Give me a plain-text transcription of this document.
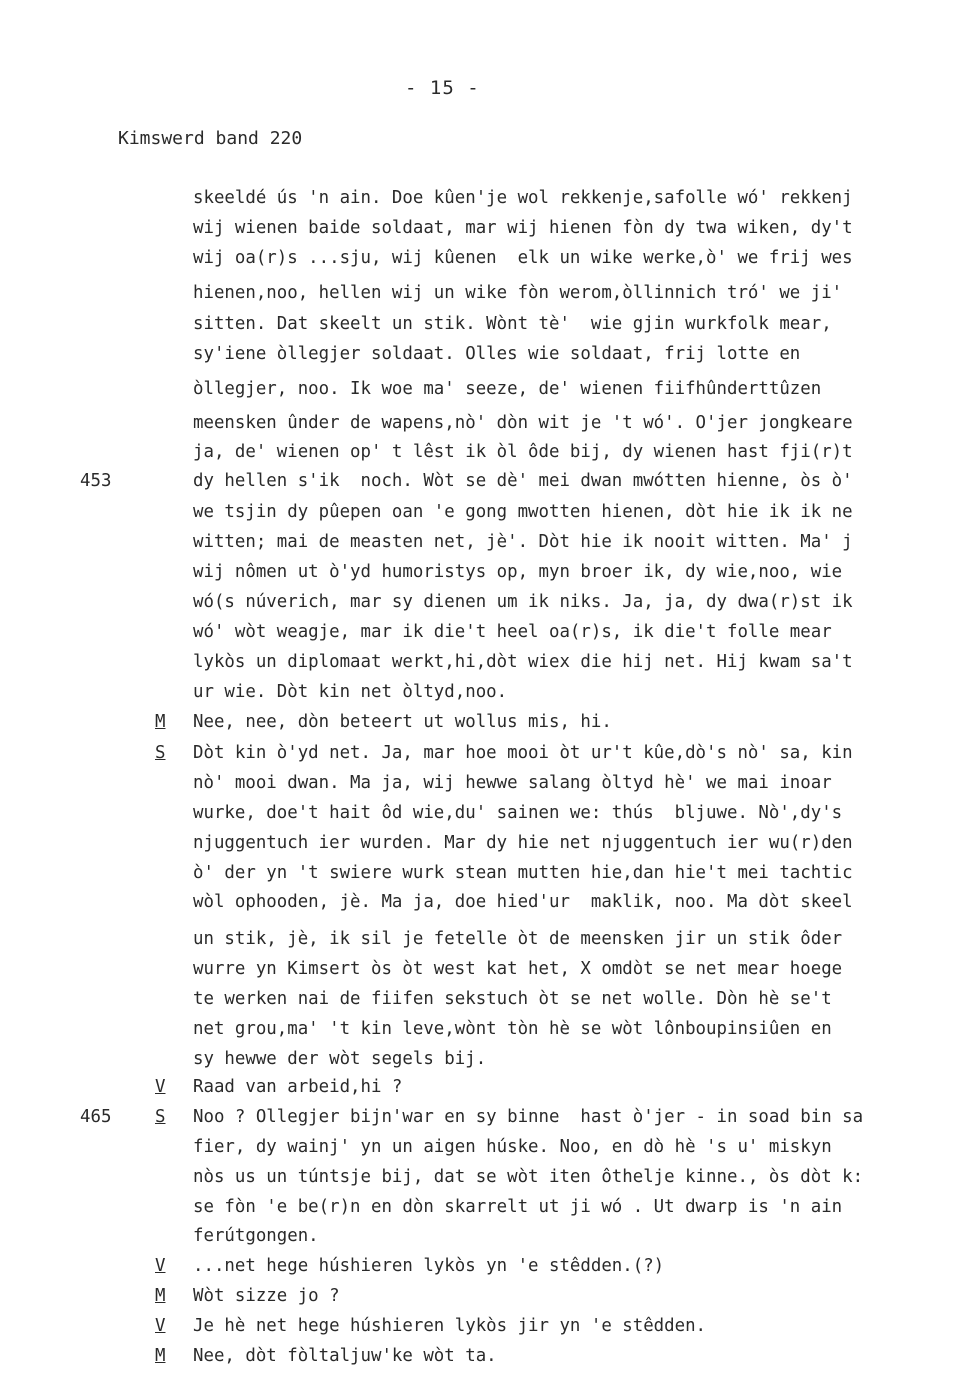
- 15 -
Kimswerd band 220
skeeldé ús 'n ain. Doe kûen'je wol rekkenje,safolle wó' rekkenj
wij wienen baide soldaat, mar wij hienen fòn dy twa wiken, dy't
wij oa(r)s ...sju, wij kûenen  elk un wike werke,ò' we frij wes
hienen,noo, hellen wij un wike fòn werom,òllinnich tró' we ji'
sitten. Dat skeelt un stik. Wònt tè'  wie gjin wurkfolk mear,
sy'iene òllegjer soldaat. Olles wie soldaat, frij lotte en
òllegjer, noo. Ik woe ma' seeze, de' wienen fiifhûnderttûzen
meensken ûnder de wapens,nò' dòn wit je 't wó'. O'jer jongkeare
ja, de' wienen op' t lêst ik òl ôde bij, dy wienen hast fji(r)t
453	dy hellen s'ik  noch. Wòt se dè' mei dwan mwótten hienne, òs ò'
we tsjin dy pûepen oan 'e gong mwotten hienen, dòt hie ik ik ne
witten; mai de measten net, jè'. Dòt hie ik nooit witten. Ma' j
wij nômen ut ò'yd humoristys op, myn broer ik, dy wie,noo, wie
wó(s núverich, mar sy dienen um ik niks. Ja, ja, dy dwa(r)st ik
wó' wòt weagje, mar ik die't heel oa(r)s, ik die't folle mear
lykòs un diplomaat werkt,hi,dòt wiex die hij net. Hij kwam sa't
ur wie. Dòt kin net òltyd,noo.
M Nee, nee, dòn beteert ut wollus mis, hi.
S Dòt kin ò'yd net. Ja, mar hoe mooi òt ur't kûe,dò's nò' sa, kin
nò' mooi dwan. Ma ja, wij hewwe salang òltyd hè' we mai inoar
wurke, doe't hait ôd wie,du' sainen we: thús  bljuwe. Nò',dy's
njuggentuch ier wurden. Mar dy hie net njuggentuch ier wu(r)den
ò' der yn 't swiere wurk stean mutten hie,dan hie't mei tachtic
wòl ophooden, jè. Ma ja, doe hied'ur  maklik, noo. Ma dòt skeel
un stik, jè, ik sil je fetelle òt de meensken jir un stik ôder
wurre yn Kimsert òs òt west kat het, X omdòt se net mear hoege
te werken nai de fiifen sekstuch òt se net wolle. Dòn hè se't
net grou,ma' 't kin leve,wònt tòn hè se wòt lônboupinsiûen en
sy hewwe der wòt segels bij.
V Raad van arbeid,hi ?
465	S Noo ? Ollegjer bijn'war en sy binne  hast ò'jer - in soad bin sa
fier, dy wainj' yn un aigen húske. Noo, en dò hè 's u' miskyn
nòs us un túntsje bij, dat se wòt iten ôthelje kinne., òs dòt k:
se fòn 'e be(r)n en dòn skarrelt ut ji wó . Ut dwarp is 'n ain
ferútgongen.
V ...net hege húshieren lykòs yn 'e stêdden.(?)
M Wòt sizze jo ?
V Je hè net hege húshieren lykòs jir yn 'e stêdden.
M Nee, dòt fòltaljuw'ke wòt ta.
